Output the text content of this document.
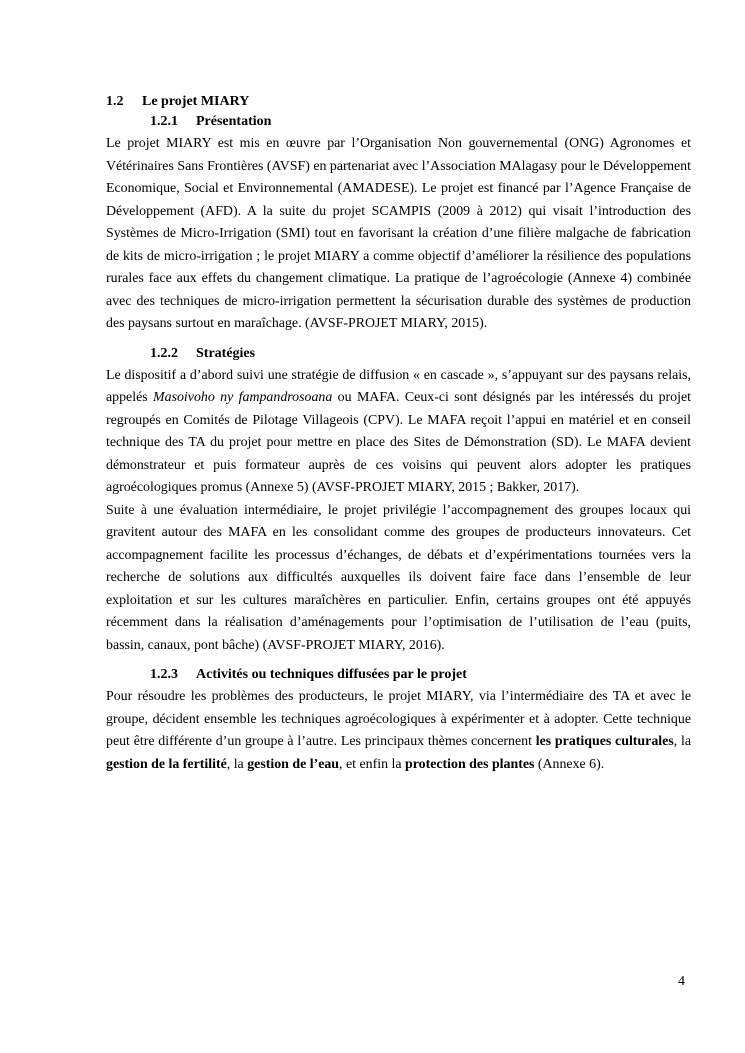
1.2 Le projet MIARY
1.2.1 Présentation

Le projet MIARY est mis en œuvre par l’Organisation Non gouvernemental (ONG) Agronomes et Vétérinaires Sans Frontières (AVSF) en partenariat avec l’Association MAlagasy pour le Développement Economique, Social et Environnemental (AMADESE). Le projet est financé par l’Agence Française de Développement (AFD). A la suite du projet SCAMPIS (2009 à 2012) qui visait l’introduction des Systèmes de Micro-Irrigation (SMI) tout en favorisant la création d’une filière malgache de fabrication de kits de micro-irrigation ; le projet MIARY a comme objectif d’améliorer la résilience des populations rurales face aux effets du changement climatique. La pratique de l’agroécologie (Annexe 4) combinée avec des techniques de micro-irrigation permettent la sécurisation durable des systèmes de production des paysans surtout en maraîchage. (AVSF-PROJET MIARY, 2015).

1.2.2 Stratégies

Le dispositif a d’abord suivi une stratégie de diffusion « en cascade », s’appuyant sur des paysans relais, appelés Masoivoho ny fampandrosoana ou MAFA. Ceux-ci sont désignés par les intéressés du projet regroupés en Comités de Pilotage Villageois (CPV). Le MAFA reçoit l’appui en matériel et en conseil technique des TA du projet pour mettre en place des Sites de Démonstration (SD). Le MAFA devient démonstrateur et puis formateur auprès de ces voisins qui peuvent alors adopter les pratiques agroécologiques promus (Annexe 5) (AVSF-PROJET MIARY, 2015 ; Bakker, 2017).

Suite à une évaluation intermédiaire, le projet privilégie l’accompagnement des groupes locaux qui gravitent autour des MAFA en les consolidant comme des groupes de producteurs innovateurs. Cet accompagnement facilite les processus d’échanges, de débats et d’expérimentations tournées vers la recherche de solutions aux difficultés auxquelles ils doivent faire face dans l’ensemble de leur exploitation et sur les cultures maraîchères en particulier. Enfin, certains groupes ont été appuyés récemment dans la réalisation d’aménagements pour l’optimisation de l’utilisation de l’eau (puits, bassin, canaux, pont bâche) (AVSF-PROJET MIARY, 2016).

1.2.3 Activités ou techniques diffusées par le projet

Pour résoudre les problèmes des producteurs, le projet MIARY, via l’intermédiaire des TA et avec le groupe, décident ensemble les techniques agroécologiques à expérimenter et à adopter. Cette technique peut être différente d’un groupe à l’autre. Les principaux thèmes concernent les pratiques culturales, la gestion de la fertilité, la gestion de l’eau, et enfin la protection des plantes (Annexe 6).

4
